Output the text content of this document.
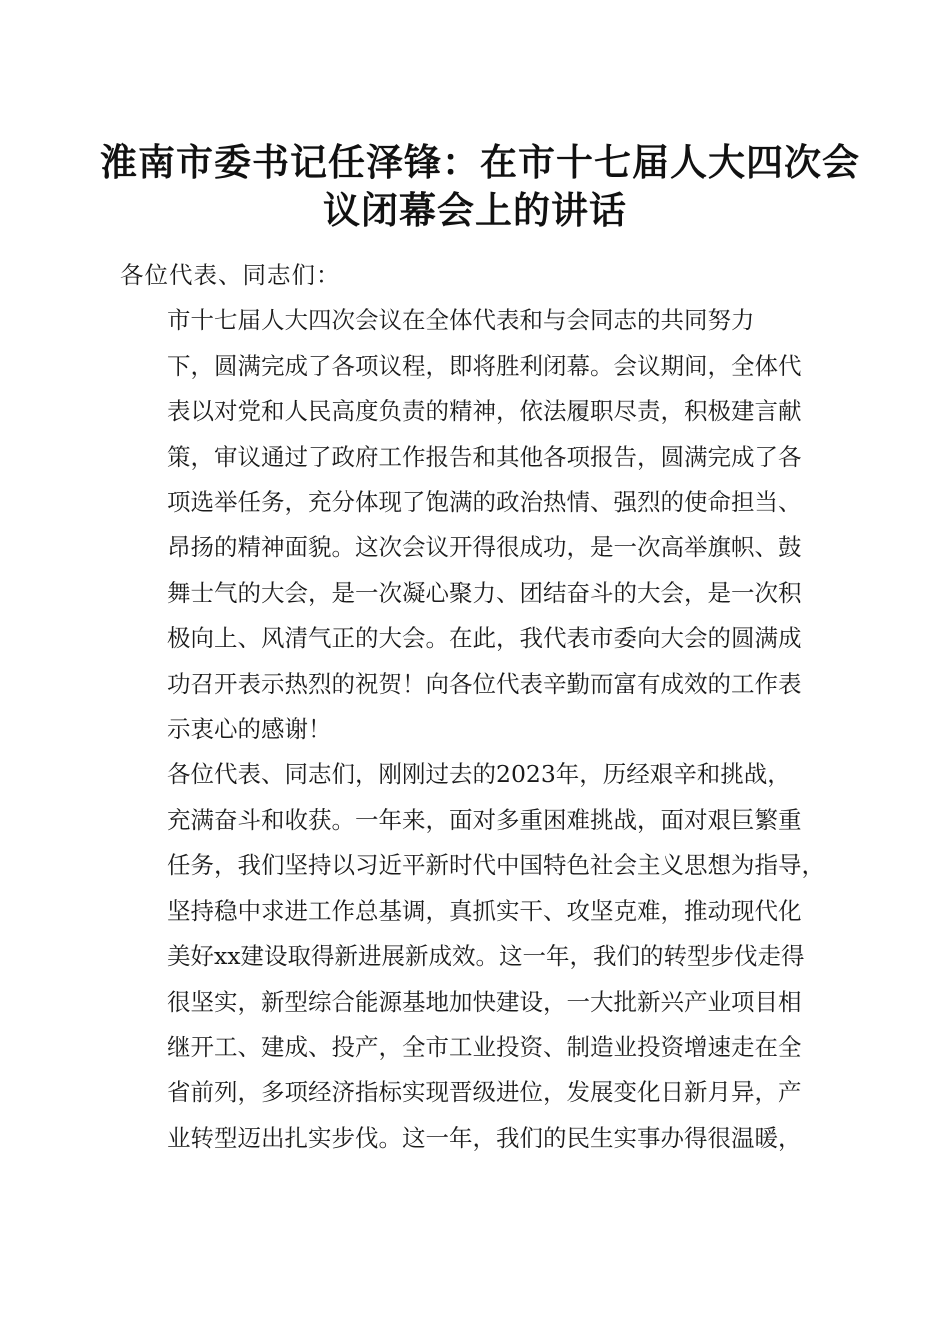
淮南市委书记任泽锋：在市十七届人大四次会
议闭幕会上的讲话

各位代表、同志们：

市十七届人大四次会议在全体代表和与会同志的共同努力
下，圆满完成了各项议程，即将胜利闭幕。会议期间，全体代
表以对党和人民高度负责的精神，依法履职尽责，积极建言献
策，审议通过了政府工作报告和其他各项报告，圆满完成了各
项选举任务，充分体现了饱满的政治热情、强烈的使命担当、
昂扬的精神面貌。这次会议开得很成功，是一次高举旗帜、鼓
舞士气的大会，是一次凝心聚力、团结奋斗的大会，是一次积
极向上、风清气正的大会。在此，我代表市委向大会的圆满成
功召开表示热烈的祝贺！向各位代表辛勤而富有成效的工作表
示衷心的感谢！

各位代表、同志们，刚刚过去的2023年，历经艰辛和挑战，
充满奋斗和收获。一年来，面对多重困难挑战，面对艰巨繁重
任务，我们坚持以习近平新时代中国特色社会主义思想为指导，
坚持稳中求进工作总基调，真抓实干、攻坚克难，推动现代化
美好xx建设取得新进展新成效。这一年，我们的转型步伐走得
很坚实，新型综合能源基地加快建设，一大批新兴产业项目相
继开工、建成、投产，全市工业投资、制造业投资增速走在全
省前列，多项经济指标实现晋级进位，发展变化日新月异，产
业转型迈出扎实步伐。这一年，我们的民生实事办得很温暖，
